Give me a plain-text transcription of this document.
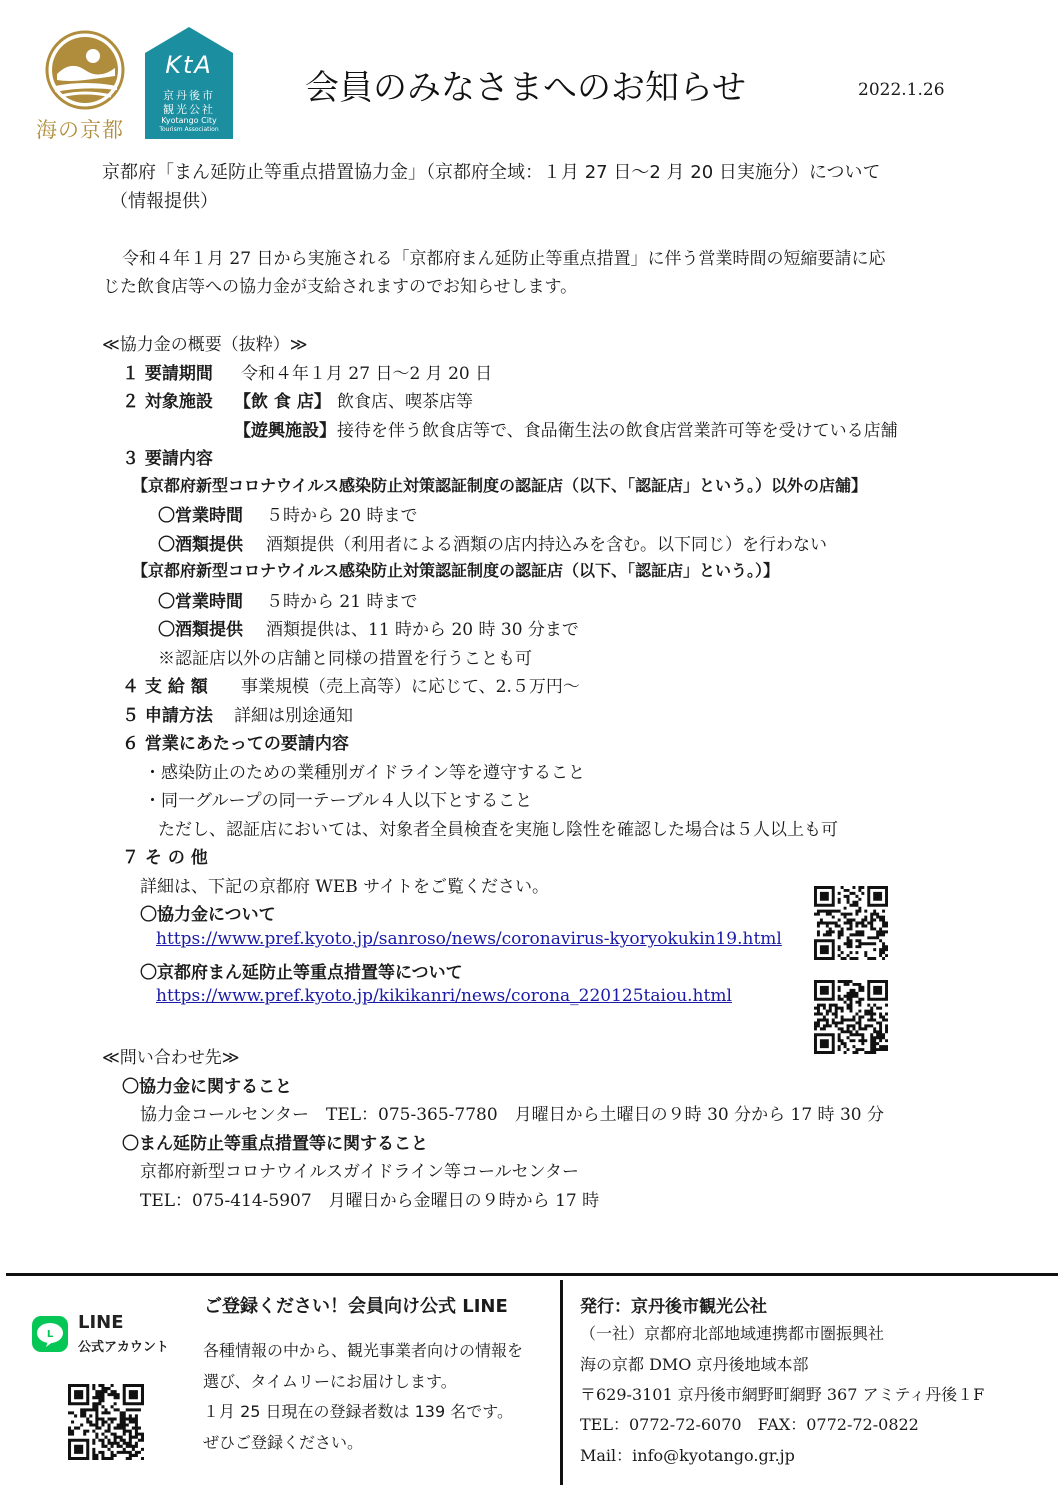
海の京都
KtA
京丹後市
観光公社
Kyotango City
Tourism Association
会員のみなさまへのお知らせ	2022.1.26
京都府「まん延防止等重点措置協力金」（京都府全域：１月 27 日〜2 月 20 日実施分）について
（情報提供）
令和４年１月 27 日から実施される「京都府まん延防止等重点措置」に伴う営業時間の短縮要請に応
じた飲食店等への協力金が支給されますのでお知らせします。
≪協力金の概要（抜粋）≫
１ 要請期間 令和４年１月 27 日〜2 月 20 日
２ 対象施設 【飲 食 店】 飲食店、喫茶店等
【遊興施設】 接待を伴う飲食店等で、食品衛生法の飲食店営業許可等を受けている店舗
３ 要請内容
【京都府新型コロナウイルス感染防止対策認証制度の認証店（以下、「認証店」という。）以外の店舗】
〇営業時間 ５時から 20 時まで
〇酒類提供 酒類提供（利用者による酒類の店内持込みを含む。以下同じ）を行わない
【京都府新型コロナウイルス感染防止対策認証制度の認証店（以下、「認証店」という。）】
〇営業時間 ５時から 21 時まで
〇酒類提供 酒類提供は、11 時から 20 時 30 分まで
※認証店以外の店舗と同様の措置を行うことも可
４ 支 給 額 事業規模（売上高等）に応じて、2.５万円〜
５ 申請方法 詳細は別途通知
６ 営業にあたっての要請内容
・感染防止のための業種別ガイドライン等を遵守すること
・同一グループの同一テーブル４人以下とすること
ただし、認証店においては、対象者全員検査を実施し陰性を確認した場合は５人以上も可
７ そ の 他
詳細は、下記の京都府 WEB サイトをご覧ください。
〇協力金について
https://www.pref.kyoto.jp/sanroso/news/coronavirus-kyoryokukin19.html
〇京都府まん延防止等重点措置等について
https://www.pref.kyoto.jp/kikikanri/news/corona_220125taiou.html
≪問い合わせ先≫
〇協力金に関すること
協力金コールセンター　TEL：075-365-7780　月曜日から土曜日の９時 30 分から 17 時 30 分
〇まん延防止等重点措置等に関すること
京都府新型コロナウイルスガイドライン等コールセンター
TEL：075-414-5907　月曜日から金曜日の９時から 17 時
L
LINE
公式アカウント
ご登録ください！会員向け公式 LINE
各種情報の中から、観光事業者向けの情報を
選び、タイムリーにお届けします。
１月 25 日現在の登録者数は 139 名です。
ぜひご登録ください。
発行：京丹後市観光公社
（一社）京都府北部地域連携都市圏振興社
海の京都 DMO 京丹後地域本部
〒629-3101 京丹後市網野町網野 367 アミティ丹後１F
TEL：0772-72-6070　FAX：0772-72-0822
Mail：info@kyotango.gr.jp
